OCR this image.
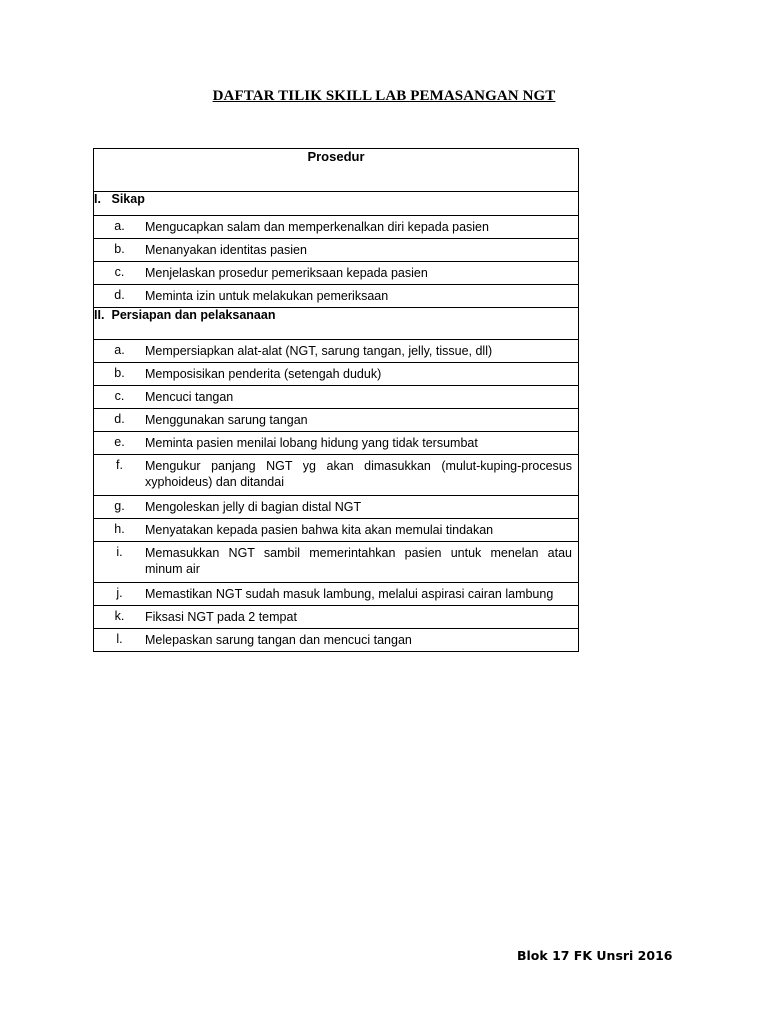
DAFTAR TILIK SKILL LAB PEMASANGAN NGT
Prosedur
I. Sikap

a.	Mengucapkan salam dan memperkenalkan diri kepada pasien

b.	Menanyakan identitas pasien

c.	Menjelaskan prosedur pemeriksaan kepada pasien

d.	Meminta izin untuk melakukan pemeriksaan

II. Persiapan dan pelaksanaan

a.	Mempersiapkan alat-alat (NGT, sarung tangan, jelly, tissue, dll)

b.	Memposisikan penderita (setengah duduk)

c.	Mencuci tangan

d.	Menggunakan sarung tangan

e.	Meminta pasien menilai lobang hidung yang tidak tersumbat

f.	Mengukur panjang NGT yg akan dimasukkan (mulut-kuping-procesus xyphoideus) dan ditandai

g.	Mengoleskan jelly di bagian distal NGT

h.	Menyatakan kepada pasien bahwa kita akan memulai tindakan

i.	Memasukkan NGT sambil memerintahkan pasien untuk menelan atau minum air

j.	Memastikan NGT sudah masuk lambung, melalui aspirasi cairan lambung

k.	Fiksasi NGT pada 2 tempat

l.	Melepaskan sarung tangan dan mencuci tangan
Blok 17 FK Unsri 2016
